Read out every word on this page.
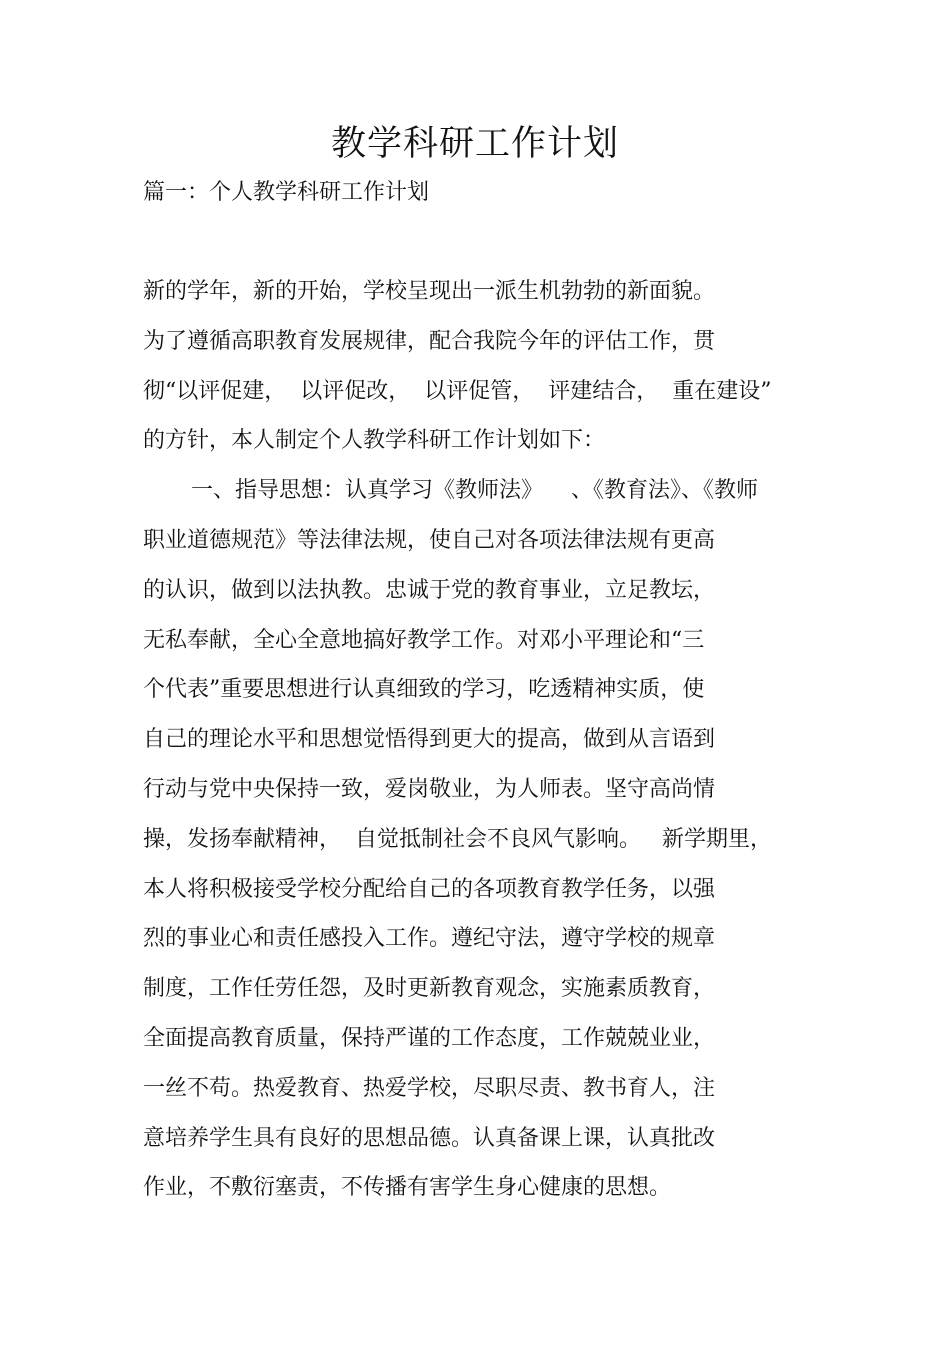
教学科研工作计划
篇一：个人教学科研工作计划
新的学年，新的开始，学校呈现出一派生机勃勃的新面貌。
为了遵循高职教育发展规律，配合我院今年的评估工作，贯
彻“以评促建，  以评促改，  以评促管，  评建结合，  重在建设”
的方针，本人制定个人教学科研工作计划如下：
一、指导思想：认真学习《教师法》    、《教育法》、《教师
职业道德规范》等法律法规，使自己对各项法律法规有更高
的认识，做到以法执教。忠诚于党的教育事业，立足教坛，
无私奉献，全心全意地搞好教学工作。对邓小平理论和“三
个代表”重要思想进行认真细致的学习，吃透精神实质，使
自己的理论水平和思想觉悟得到更大的提高，做到从言语到
行动与党中央保持一致，爱岗敬业，为人师表。坚守高尚情
操，发扬奉献精神，  自觉抵制社会不良风气影响。   新学期里，
本人将积极接受学校分配给自己的各项教育教学任务，以强
烈的事业心和责任感投入工作。遵纪守法，遵守学校的规章
制度，工作任劳任怨，及时更新教育观念，实施素质教育，
全面提高教育质量，保持严谨的工作态度，工作兢兢业业，
一丝不苟。热爱教育、热爱学校，尽职尽责、教书育人，注
意培养学生具有良好的思想品德。认真备课上课，认真批改
作业，不敷衍塞责，不传播有害学生身心健康的思想。
